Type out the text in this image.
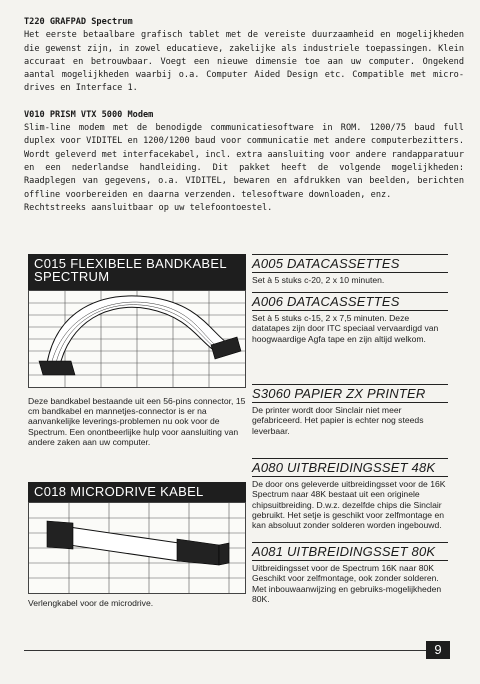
T220 GRAFPAD Spectrum

Het eerste betaalbare grafisch tablet met de vereiste duurzaamheid en mogelijkheden die gewenst zijn, in zowel educatieve, zakelijke als industriele toepassingen. Klein accuraat en betrouwbaar. Voegt een nieuwe dimensie toe aan uw computer. Ongekend aantal mogelijkheden waarbij o.a. Computer Aided Design etc. Compatible met micro-drives en Interface 1.

V010 PRISM VTX 5000 Modem

Slim-line modem met de benodigde communicatiesoftware in ROM. 1200/75 baud full duplex voor VIDITEL en 1200/1200 baud voor communicatie met andere computerbezitters. Wordt geleverd met interfacekabel, incl. extra aansluiting voor andere randapparatuur en een nederlandse handleiding. Dit pakket heeft de volgende mogelijkheden: Raadplegen van gegevens, o.a. VIDITEL, bewaren en afdrukken van beelden, berichten offline voorbereiden en daarna verzenden. telesoftware downloaden, enz.

Rechtstreeks aansluitbaar op uw telefoontoestel.

C015 FLEXIBELE BANDKABEL
SPECTRUM
Deze bandkabel bestaande uit een 56-pins connector, 15 cm bandkabel en mannetjes-connector is er na aanvankelijke leverings-problemen nu ook voor de Spectrum. Een onontbeerlijke hulp voor aansluiting van andere zaken aan uw computer.
C018 MICRODRIVE KABEL
Verlengkabel voor de microdrive.
A005 DATACASSETTES
Set à 5 stuks c-20, 2 x 10 minuten.
A006 DATACASSETTES
Set à 5 stuks c-15, 2 x 7,5 minuten. Deze datatapes zijn door ITC speciaal vervaardigd van hoogwaardige Agfa tape en zijn altijd welkom.
S3060 PAPIER ZX PRINTER
De printer wordt door Sinclair niet meer gefabriceerd. Het papier is echter nog steeds leverbaar.
A080 UITBREIDINGSSET 48K
De door ons geleverde uitbreidingsset voor de 16K Spectrum naar 48K bestaat uit een originele chipsuitbreiding. D.w.z. dezelfde chips die Sinclair gebruikt. Het setje is geschikt voor zelfmontage en kan absoluut zonder solderen worden ingebouwd.
A081 UITBREIDINGSSET 80K
Uitbreidingsset voor de Spectrum 16K naar 80K Geschikt voor zelfmontage, ook zonder solderen. Met inbouwaanwijzing en gebruiks-mogelijkheden 80K.
9
